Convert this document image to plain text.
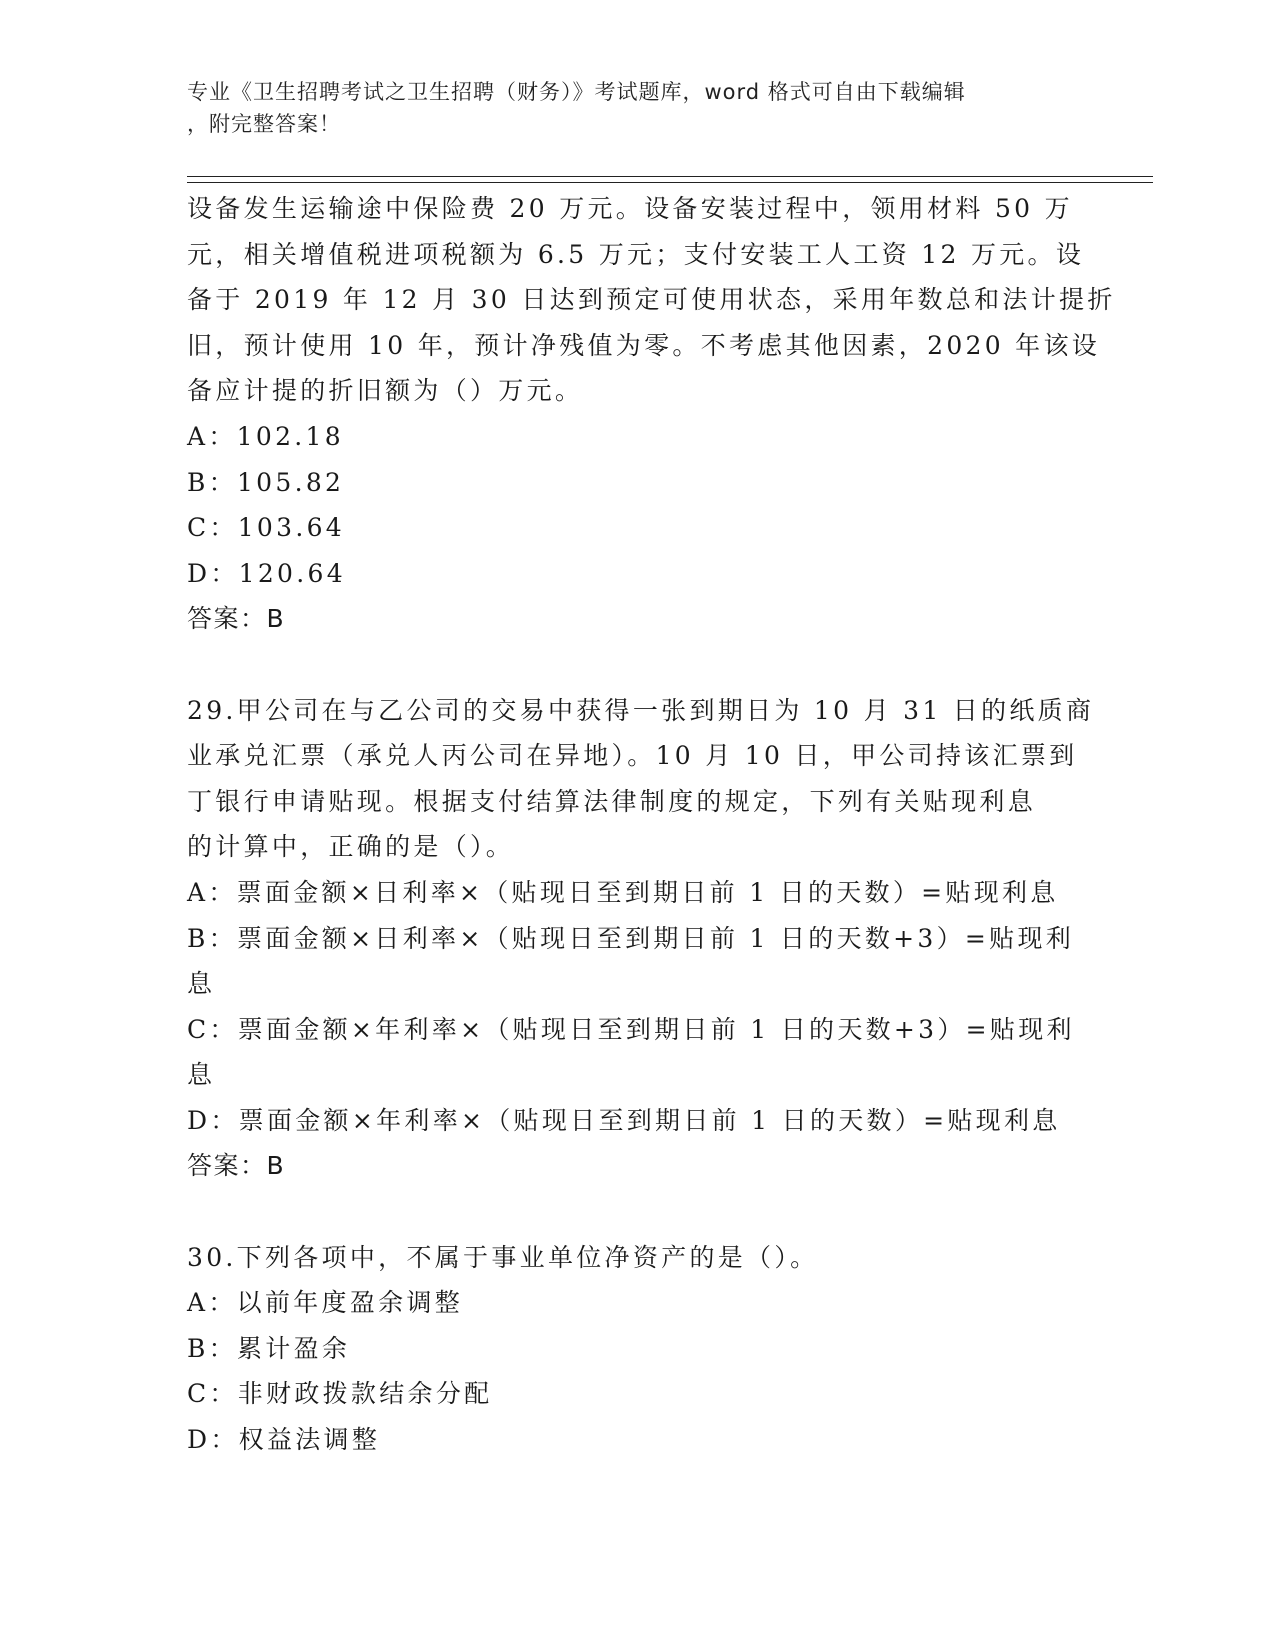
专业《卫生招聘考试之卫生招聘（财务）》考试题库，word 格式可自由下载编辑
，附完整答案！
设备发生运输途中保险费 20 万元。设备安装过程中，领用材料 50 万
元，相关增值税进项税额为 6.5 万元；支付安装工人工资 12 万元。设
备于 2019 年 12 月 30 日达到预定可使用状态，采用年数总和法计提折
旧，预计使用 10 年，预计净残值为零。不考虑其他因素，2020 年该设
备应计提的折旧额为（）万元。
A：102.18
B：105.82
C：103.64
D：120.64
答案：B
29.甲公司在与乙公司的交易中获得一张到期日为 10 月 31 日的纸质商
业承兑汇票（承兑人丙公司在异地）。10 月 10 日，甲公司持该汇票到
丁银行申请贴现。根据支付结算法律制度的规定，下列有关贴现利息
的计算中，正确的是（）。
A：票面金额×日利率×（贴现日至到期日前 1 日的天数）=贴现利息
B：票面金额×日利率×（贴现日至到期日前 1 日的天数+3）=贴现利
息
C：票面金额×年利率×（贴现日至到期日前 1 日的天数+3）=贴现利
息
D：票面金额×年利率×（贴现日至到期日前 1 日的天数）=贴现利息
答案：B
30.下列各项中，不属于事业单位净资产的是（）。
A：以前年度盈余调整
B：累计盈余
C：非财政拨款结余分配
D：权益法调整
